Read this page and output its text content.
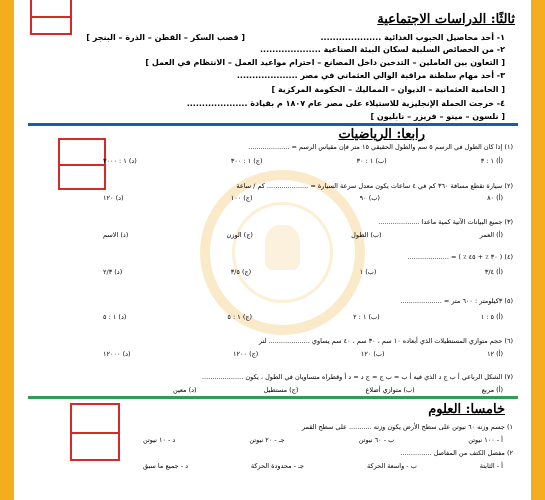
ثالثًا: الدراسات الاجتماعية
١- أحد محاصيل الحبوب الغذائية ....................
[ قصب السكر – القطن – الذرة – البنجر ]
٢- من الخصائص السلبية لسكان البيئة الصناعية ....................
[ التعاون بين العاملين – التدخين داخل المصانع – احترام مواعيد العمل – الانتظام في العمل ]
٣- أحد مهام سلطنة مراقبة الوالي العثماني في مصر ....................
[ الحامية العثمانية – الديوان – المماليك – الحكومة المركزية ]
٤- خرجت الحملة الإنجليزية للاستيلاء على مصر عام ١٨٠٧ م بقيادة ....................
[ نلسون – مينو – فريزر – نابليون ]
رابعا: الرياضيات
(١) إذا كان الطول في الرسم ٥ سم والطول الحقيقي ١٥ متر فإن مقياس الرسم = ....................
(أ) ١ : ٣
(ب) ١ : ٣٠
(ج) ١ : ٣٠٠
(د) ١ : ٣٠٠٠
(٢) سيارة تقطع مسافة ٣٦٠ كم في ٤ ساعات يكون معدل سرعة السيارة = .................... كم / ساعة
(أ) ٨٠
(ب) ٩٠
(ج) ١٠٠
(د) ١٢٠
(٣) جميع البيانات الآتية كمية ماعدا ....................
(أ) العمر
(ب) الطول
(ج) الوزن
(د) الاسم
(٤) ( ٣٠ ٪ + ٤٥ ٪ ) = ....................
(أ) ٣/٤
(ب) ١
(ج) ٣/٥
(د) ٢/٣
(٥) ٣كيلومتر : ٦٠٠ متر = ....................
(أ) ٥ : ١
(ب) ١ : ٢
(ج) ١ : ٥
(د) ١ : ٥
(٦) حجم متوازي المستطيلات الذي أبعاده ١٠ سم ، ٣٠ سم ، ٤٠ سم يساوي .................... لتر
(أ) ١٢
(ب) ١٢٠
(ج) ١٢٠٠
(د) ١٢٠٠٠
(٧) الشكل الرباعي أ ب ج د الذي فيه أ ب = ب ج = ج د = د أ وقطراه متساويان في الطول ، يكون ....................
(أ) مربع
(ب) متوازي أضلاع
(ج) مستطيل
(د) معين
خامسا: العلوم
١) جسم وزنه ٦٠ نيوتن على سطح الأرض يكون وزنه ........... على سطح القمر
أ - ١٠٠ نيوتن
ب - ٦٠ نيوتن
جـ - ٢٠ نيوتن
د - ١٠ نيوتن
٢) مفصل الكتف من المفاصل ...............
أ - الثابتة
ب - واسعة الحركة
جـ - محدودة الحركة
د - جميع ما سبق
